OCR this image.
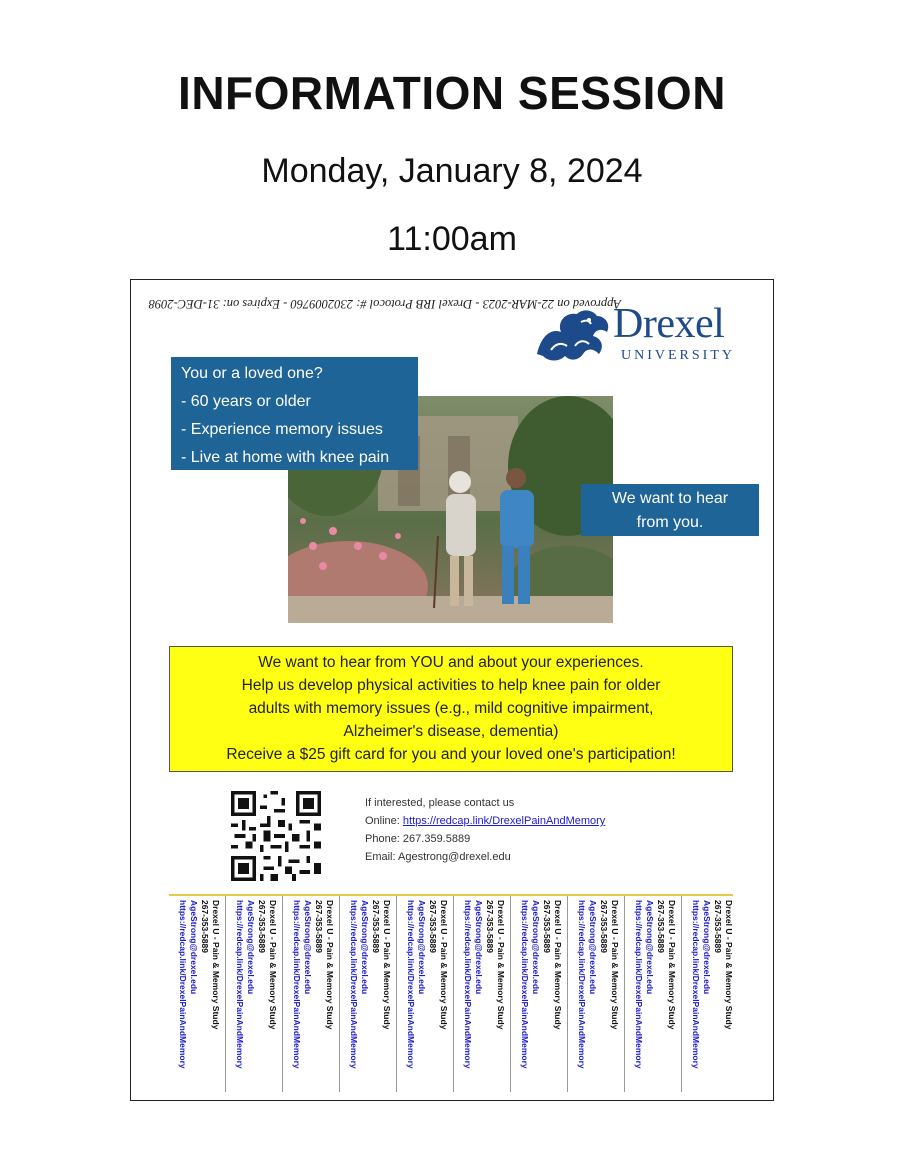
INFORMATION SESSION
Monday, January 8, 2024
11:00am
Approved on 22-MAR-2023 - Drexel IRB Protocol #: 2302009760 - Expires on: 31-DEC-2098
Drexel
UNIVERSITY
You or a loved one?
- 60 years or older
- Experience memory issues
- Live at home with knee pain
We want to hear
from you.
We want to hear from YOU and about your experiences.
Help us develop physical activities to help knee pain for older
adults with memory issues (e.g., mild cognitive impairment,
Alzheimer's disease, dementia)
Receive a $25 gift card for you and your loved one's participation!
If interested, please contact us
Online: https://redcap.link/DrexelPainAndMemory
Phone: 267.359.5889
Email: Agestrong@drexel.edu
Drexel U - Pain & Memory Study
267-353-5889
AgeStrong@drexel.edu
https://redcap.link/DrexelPainAndMemory	Drexel U - Pain & Memory Study
267-353-5889
AgeStrong@drexel.edu
https://redcap.link/DrexelPainAndMemory	Drexel U - Pain & Memory Study
267-353-5889
AgeStrong@drexel.edu
https://redcap.link/DrexelPainAndMemory	Drexel U - Pain & Memory Study
267-353-5889
AgeStrong@drexel.edu
https://redcap.link/DrexelPainAndMemory	Drexel U - Pain & Memory Study
267-353-5889
AgeStrong@drexel.edu
https://redcap.link/DrexelPainAndMemory	Drexel U - Pain & Memory Study
267-353-5889
AgeStrong@drexel.edu
https://redcap.link/DrexelPainAndMemory	Drexel U - Pain & Memory Study
267-353-5889
AgeStrong@drexel.edu
https://redcap.link/DrexelPainAndMemory	Drexel U - Pain & Memory Study
267-353-5889
AgeStrong@drexel.edu
https://redcap.link/DrexelPainAndMemory	Drexel U - Pain & Memory Study
267-353-5889
AgeStrong@drexel.edu
https://redcap.link/DrexelPainAndMemory	Drexel U - Pain & Memory Study
267-353-5889
AgeStrong@drexel.edu
https://redcap.link/DrexelPainAndMemory
